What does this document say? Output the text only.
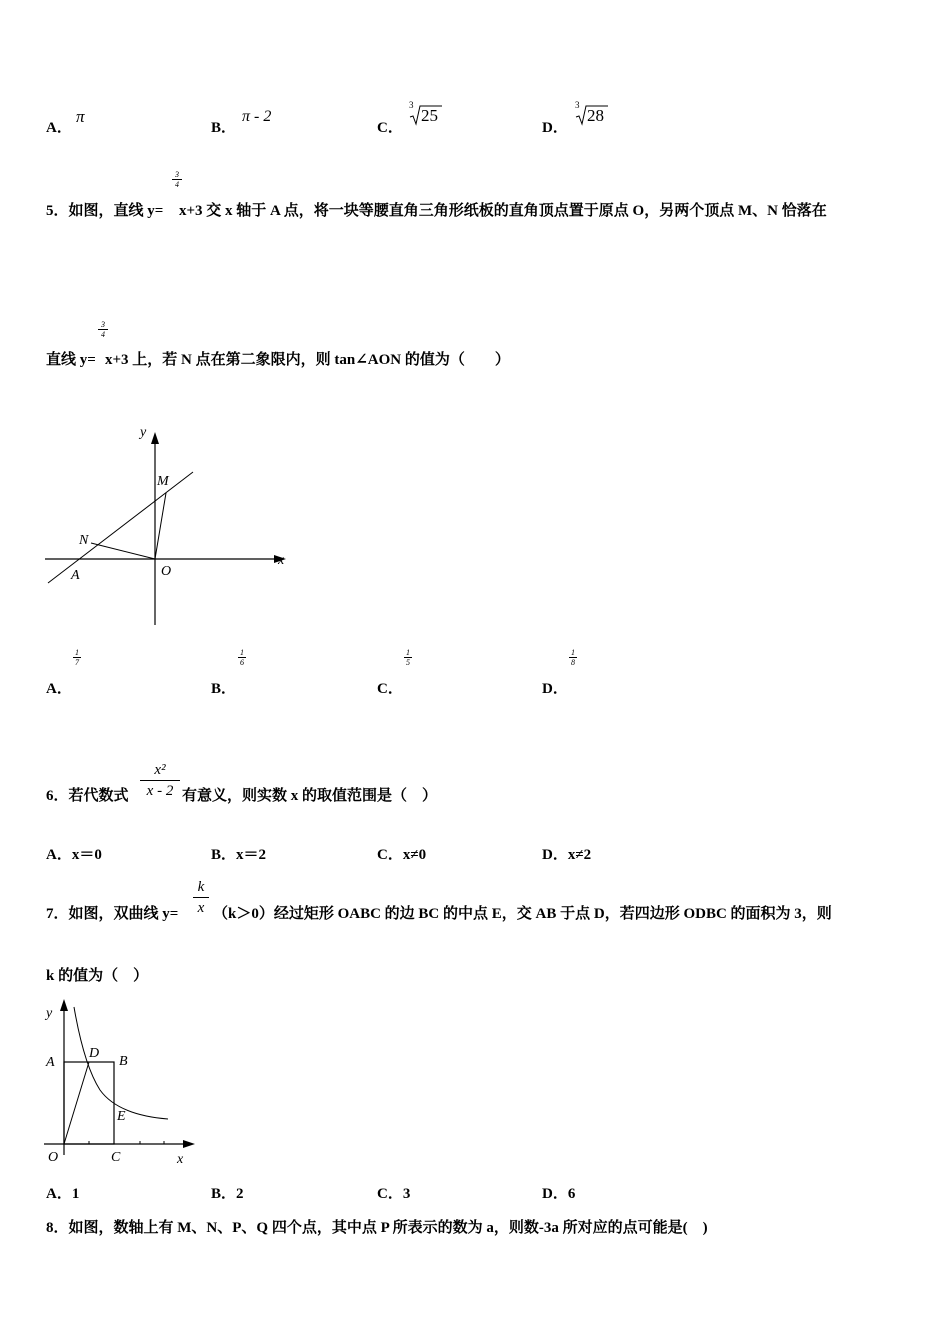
A．
π
B．
π - 2
C．
3
25
D．
3
28
$\frac{3}{4}$
5．如图，直线 y= x+3 交 x 轴于 A 点，将一块等腰直角三角形纸板的直角顶点置于原点 O，另两个顶点 M、N 恰落在
$\frac{3}{4}$
直线 y= x+3 上，若 N 点在第二象限内，则 tan∠AON 的值为（　　）
y
x
M
N
A	O
$\frac{1}{7}$
A．
$\frac{1}{6}$
B．
$\frac{1}{5}$
C．
$\frac{1}{8}$
D．
6．若代数式 $\frac{\text{x²}}{x - 2}$ 有意义，则实数 x 的取值范围是（　）
A．x＝0	B．x＝2	C．x≠0	D．x≠2
7．如图，双曲线 $y= \frac{k}{x} (k>0)$经过矩形 OABC 的边 BC 的中点 E，交 AB 于点 D，若四边形 ODBC 的面积为 3，则
k 的值为（　）
y
x
A
D
B
E
O	C
A．1	B．2	C．3	D．6
8．如图，数轴上有 M、N、P、Q 四个点，其中点 P 所表示的数为 a，则数-3a 所对应的点可能是(　)
